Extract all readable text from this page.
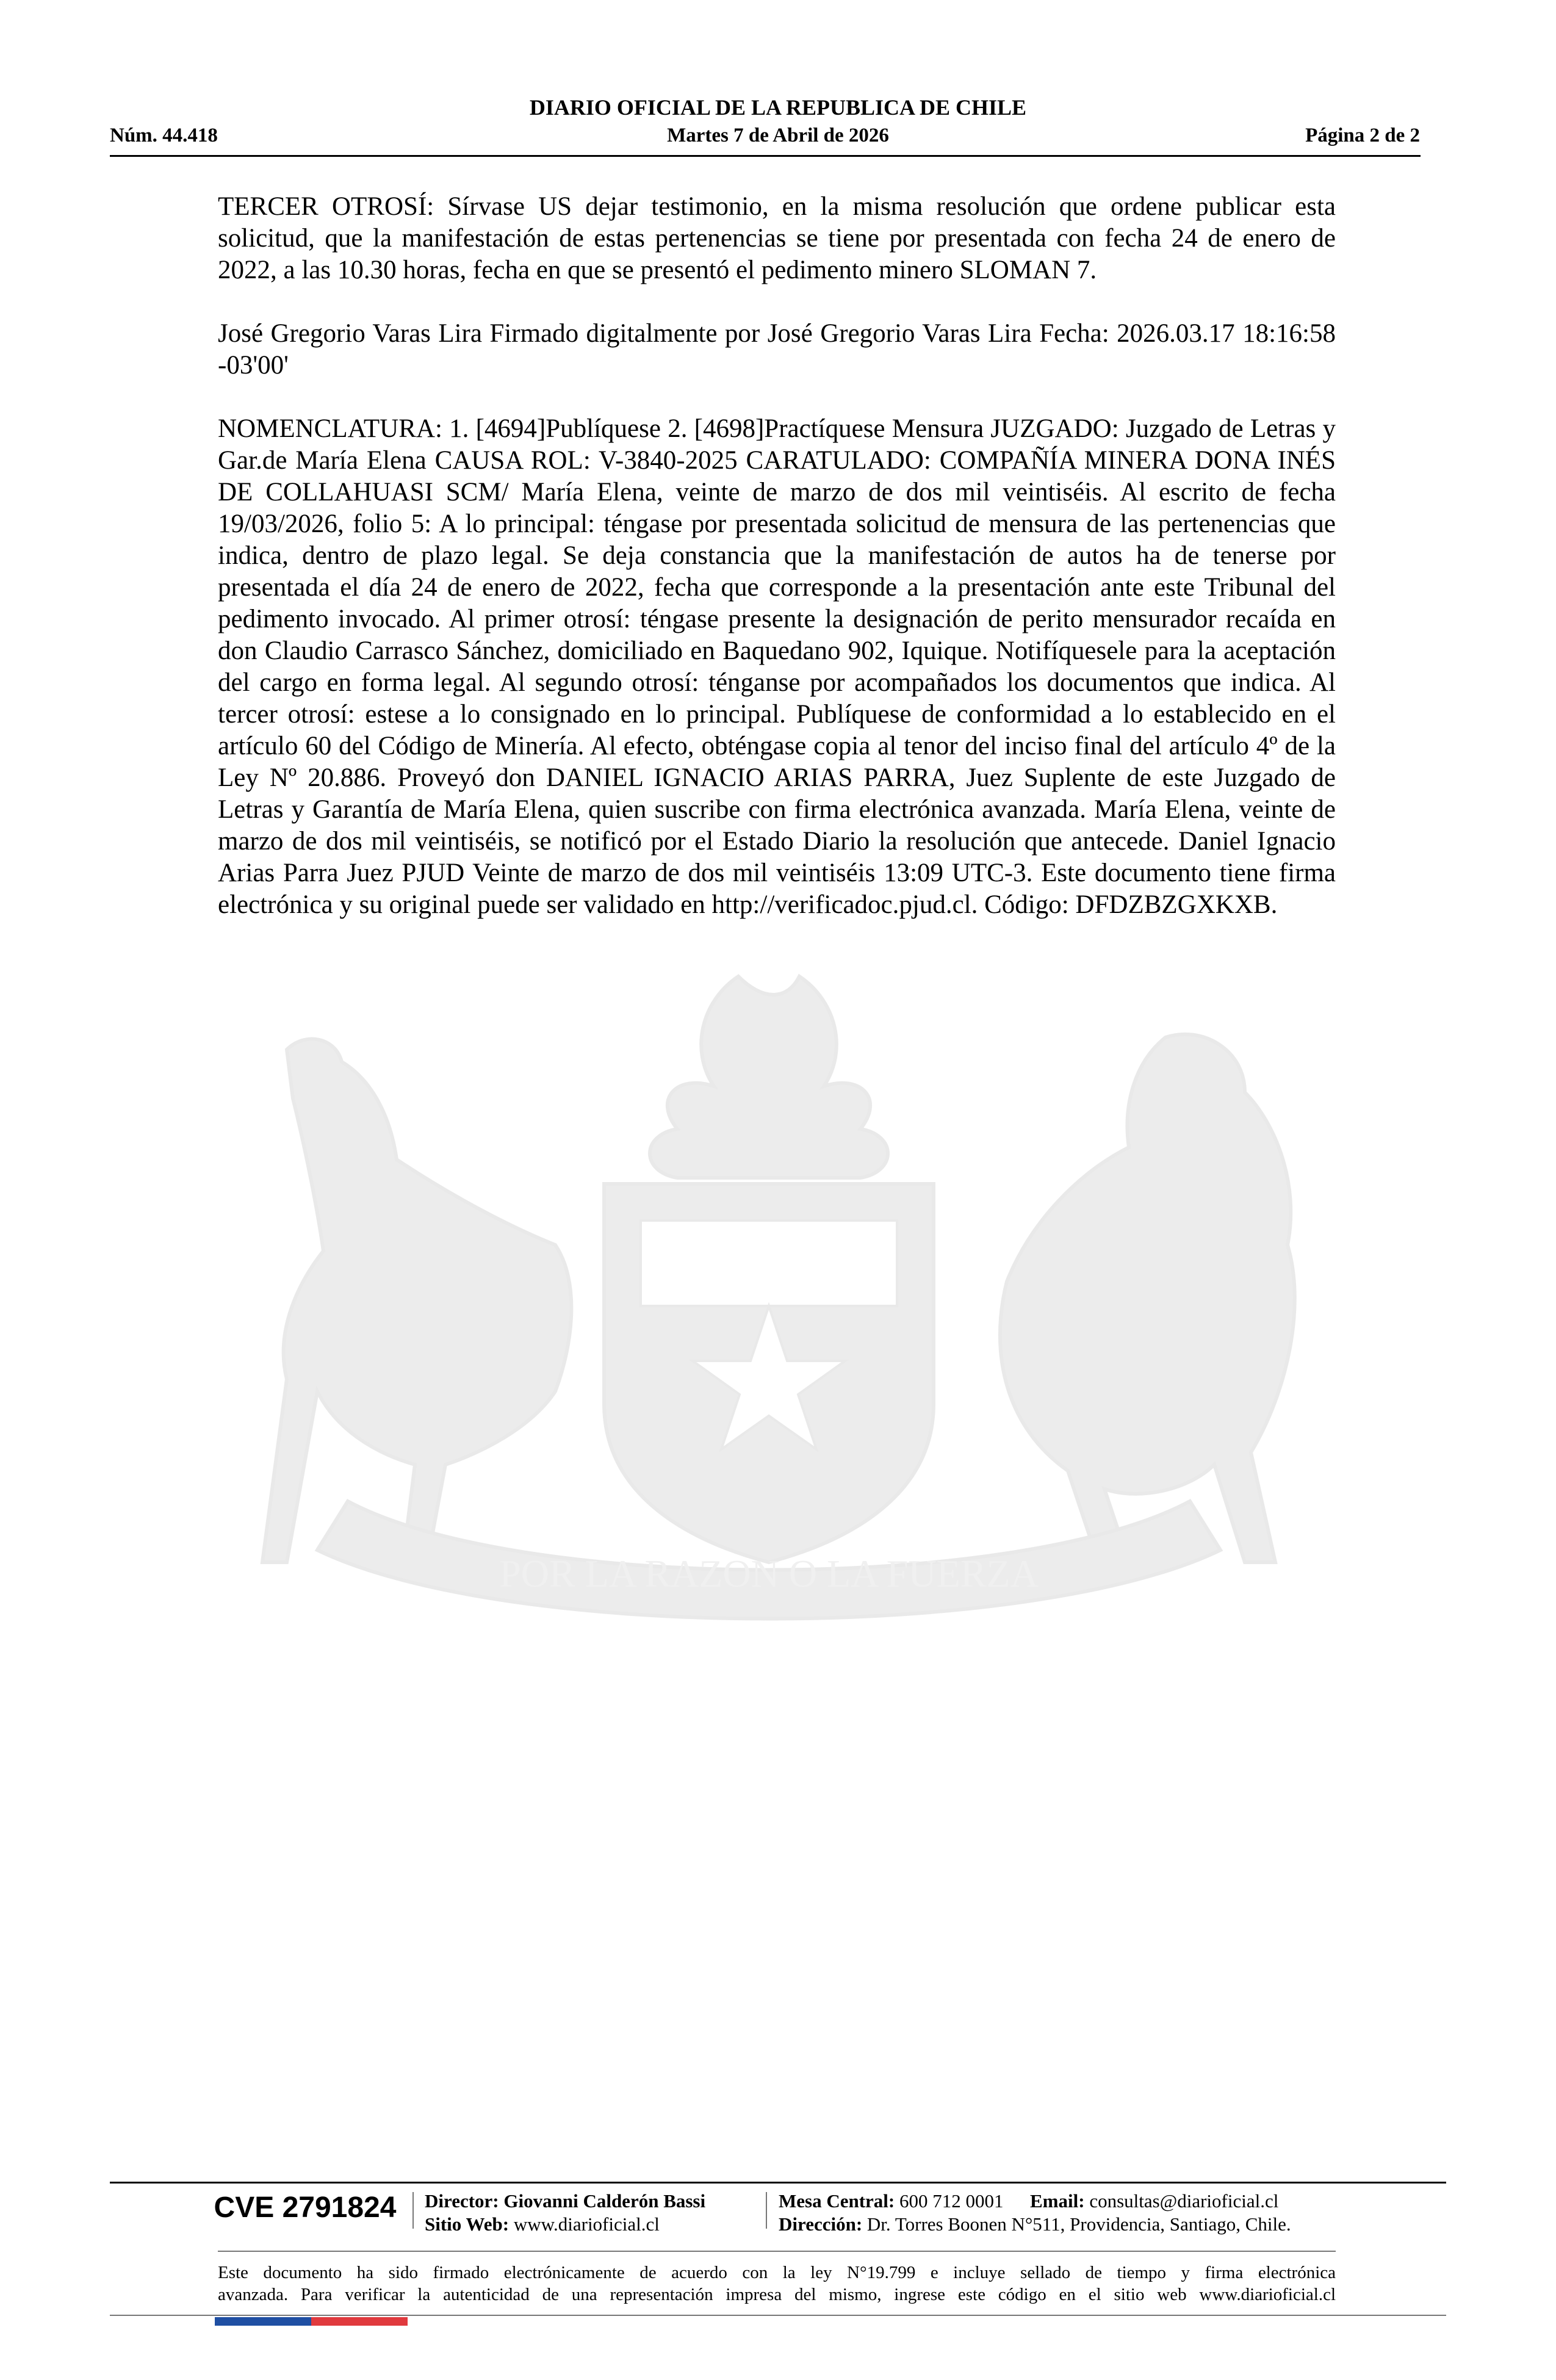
DIARIO OFICIAL DE LA REPUBLICA DE CHILE
Núm. 44.418	Martes 7 de Abril de 2026	Página 2 de 2
POR LA RAZON O LA FUERZA

TERCER OTROSÍ: Sírvase US dejar testimonio, en la misma resolución que ordene publicar esta solicitud, que la manifestación de estas pertenencias se tiene por presentada con fecha 24 de enero de 2022, a las 10.30 horas, fecha en que se presentó el pedimento minero SLOMAN 7.

José Gregorio Varas Lira Firmado digitalmente por José Gregorio Varas Lira Fecha: 2026.03.17 18:16:58 -03'00'

NOMENCLATURA: 1. [4694]Publíquese 2. [4698]Practíquese Mensura JUZGADO: Juzgado de Letras y Gar.de María Elena CAUSA ROL: V-3840-2025 CARATULADO: COMPAÑÍA MINERA DONA INÉS DE COLLAHUASI SCM/ María Elena, veinte de marzo de dos mil veintiséis. Al escrito de fecha 19/03/2026, folio 5: A lo principal: téngase por presentada solicitud de mensura de las pertenencias que indica, dentro de plazo legal. Se deja constancia que la manifestación de autos ha de tenerse por presentada el día 24 de enero de 2022, fecha que corresponde a la presentación ante este Tribunal del pedimento invocado. Al primer otrosí: téngase presente la designación de perito mensurador recaída en don Claudio Carrasco Sánchez, domiciliado en Baquedano 902, Iquique. Notifíquesele para la aceptación del cargo en forma legal. Al segundo otrosí: ténganse por acompañados los documentos que indica. Al tercer otrosí: estese a lo consignado en lo principal. Publíquese de conformidad a lo establecido en el artículo 60 del Código de Minería. Al efecto, obténgase copia al tenor del inciso final del artículo 4º de la Ley Nº 20.886. Proveyó don DANIEL IGNACIO ARIAS PARRA, Juez Suplente de este Juzgado de Letras y Garantía de María Elena, quien suscribe con firma electrónica avanzada. María Elena, veinte de marzo de dos mil veintiséis, se notificó por el Estado Diario la resolución que antecede. Daniel Ignacio Arias Parra Juez PJUD Veinte de marzo de dos mil veintiséis 13:09 UTC-3. Este documento tiene firma electrónica y su original puede ser validado en http://verificadoc.pjud.cl. Código: DFDZBZGXKXB.

CVE 2791824	Director: Giovanni Calderón Bassi
Sitio Web: www.diarioficial.cl
Mesa Central: 600 712 0001 Email: consultas@diarioficial.cl
Dirección: Dr. Torres Boonen N°511, Providencia, Santiago, Chile.

Este documento ha sido firmado electrónicamente de acuerdo con la ley N°19.799 e incluye sellado de tiempo y firma electrónica

avanzada. Para verificar la autenticidad de una representación impresa del mismo, ingrese este código en el sitio web www.diarioficial.cl
